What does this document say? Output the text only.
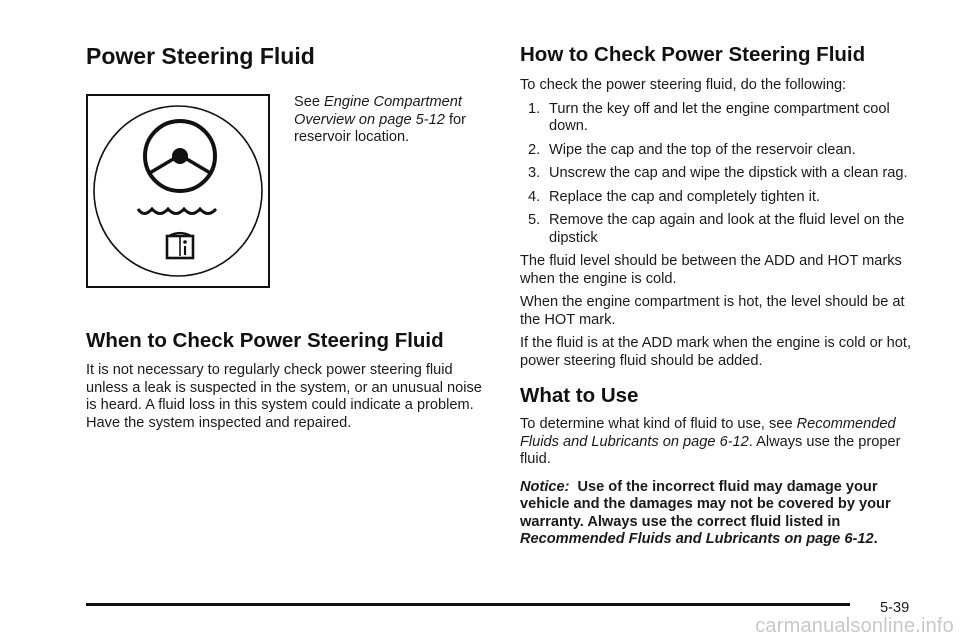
Power Steering Fluid

See Engine Compartment Overview on page 5-12 for reservoir location.

When to Check Power Steering Fluid

It is not necessary to regularly check power steering fluid unless a leak is suspected in the system, or an unusual noise is heard. A fluid loss in this system could indicate a problem. Have the system inspected and repaired.

How to Check Power Steering Fluid

To check the power steering fluid, do the following:

1. Turn the key off and let the engine compartment cool down.
2. Wipe the cap and the top of the reservoir clean.
3. Unscrew the cap and wipe the dipstick with a clean rag.
4. Replace the cap and completely tighten it.
5. Remove the cap again and look at the fluid level on the dipstick

The fluid level should be between the ADD and HOT marks when the engine is cold.

When the engine compartment is hot, the level should be at the HOT mark.

If the fluid is at the ADD mark when the engine is cold or hot, power steering fluid should be added.

What to Use

To determine what kind of fluid to use, see Recommended Fluids and Lubricants on page 6-12. Always use the proper fluid.

Notice: Use of the incorrect fluid may damage your vehicle and the damages may not be covered by your warranty. Always use the correct fluid listed in Recommended Fluids and Lubricants on page 6-12.

5-39
carmanualsonline.info
